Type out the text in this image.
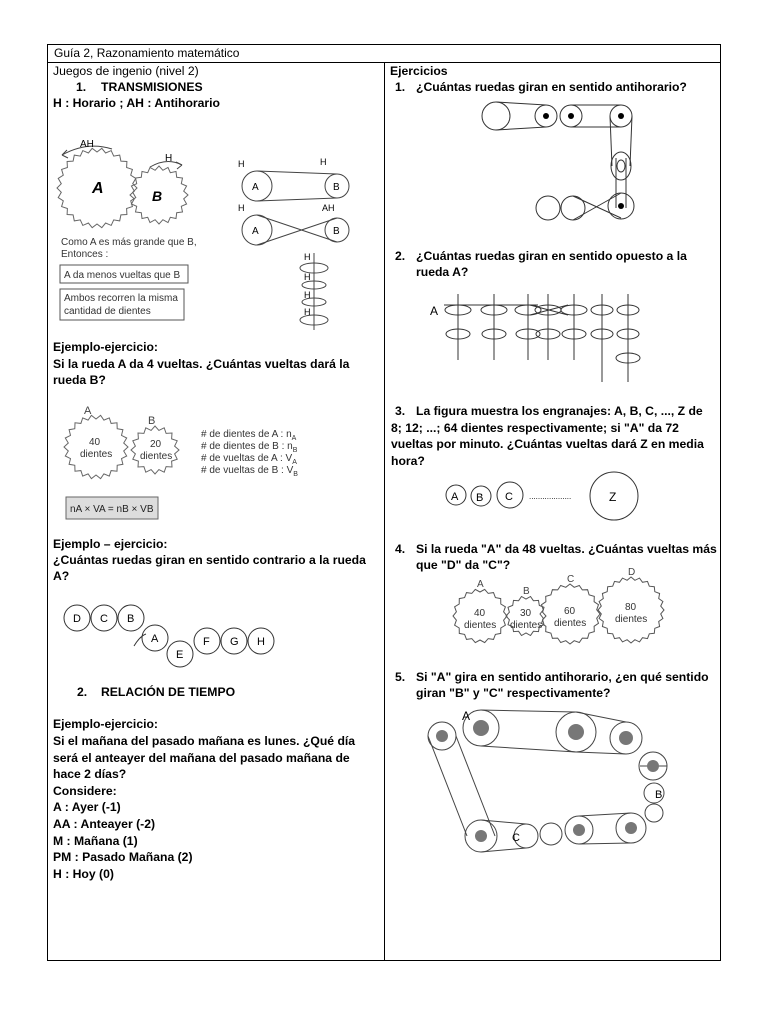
Guía 2, Razonamiento matemático
Juegos de ingenio (nivel 2)
1. TRANSMISIONES
H : Horario ; AH : Antihorario
A
AH
B
H
Como A es más grande que B,
Entonces :
A da menos vueltas que B
Ambos recorren la misma
cantidad de dientes
A	B
H	H
A	B
H	AH
H
H
H
H
Ejemplo-ejercicio:
Si la rueda A da 4 vueltas. ¿Cuántas vueltas dará la
rueda B?
A
B
40
dientes
20
dientes
# de dientes de A : $n_A$
# de dientes de B : $n_B$
# de vueltas de A : $V_A$
# de vueltas de B : $V_B$
nA × VA = nB × VB
Ejemplo – ejercicio:
¿Cuántas ruedas giran en sentido contrario a la rueda
A?
D C B
A
E
F G H
2. RELACIÓN DE TIEMPO
Ejemplo-ejercicio:
Si el mañana del pasado mañana es lunes. ¿Qué día
será el anteayer del mañana del pasado mañana de
hace 2 días?
Considere:
A : Ayer (-1)
AA : Anteayer (-2)
M : Mañana (1)
PM : Pasado Mañana (2)
H : Hoy (0)
Ejercicios
1. ¿Cuántas ruedas giran en sentido antihorario?
2. ¿Cuántas ruedas giran en sentido opuesto a la
rueda A?
A
3. La figura muestra los engranajes: A, B, C, ..., Z de
8; 12; ...; 64 dientes respectivamente; si "A" da 72
vueltas por minuto. ¿Cuántas vueltas dará Z en media
hora?
A B C	Z
...................
4. Si la rueda "A" da 48 vueltas. ¿Cuántas vueltas más
que "D" da "C"?
A
40
dientes
B
30
dientes
C
60
dientes
D
80
dientes
5. Si "A" gira en sentido antihorario, ¿en qué sentido
giran "B" y "C" respectivamente?
A
B
C
